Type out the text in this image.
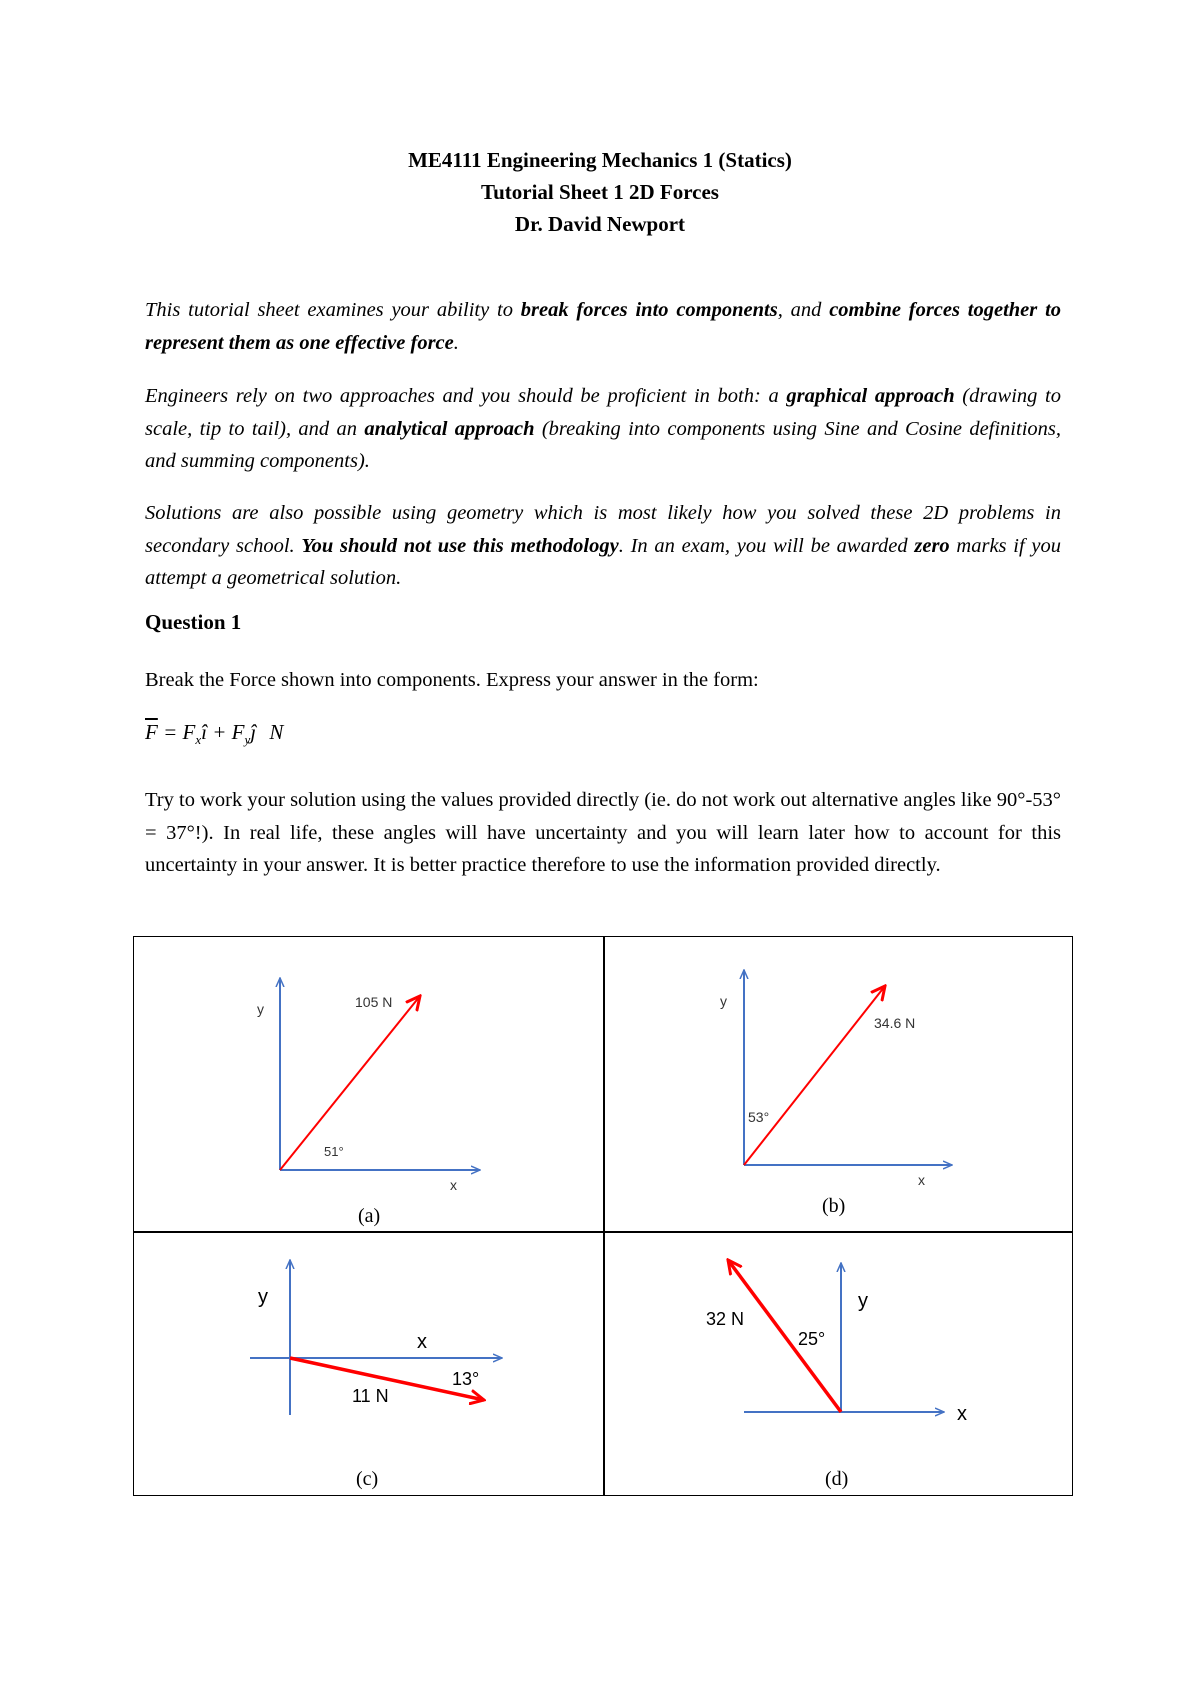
ME4111 Engineering Mechanics 1 (Statics)
Tutorial Sheet 1 2D Forces
Dr. David Newport
This tutorial sheet examines your ability to break forces into components, and combine forces together to represent them as one effective force.
Engineers rely on two approaches and you should be proficient in both: a graphical approach (drawing to scale, tip to tail), and an analytical approach (breaking into components using Sine and Cosine definitions, and summing components).
Solutions are also possible using geometry which is most likely how you solved these 2D problems in secondary school. You should not use this methodology. In an exam, you will be awarded zero marks if you attempt a geometrical solution.
Question 1
Break the Force shown into components. Express your answer in the form:
$\overline{F}$ = $F_xî$ + $F_yĵ$ N
Try to work your solution using the values provided directly (ie. do not work out alternative angles like 90°-53° = 37°!). In real life, these angles will have uncertainty and you will learn later how to account for this uncertainty in your answer. It is better practice therefore to use the information provided directly.
y
x
105 N
51°
(a)
y
x
34.6 N
53°
(b)
y
x
11 N
13°
(c)
y
x
32 N
25°
(d)
